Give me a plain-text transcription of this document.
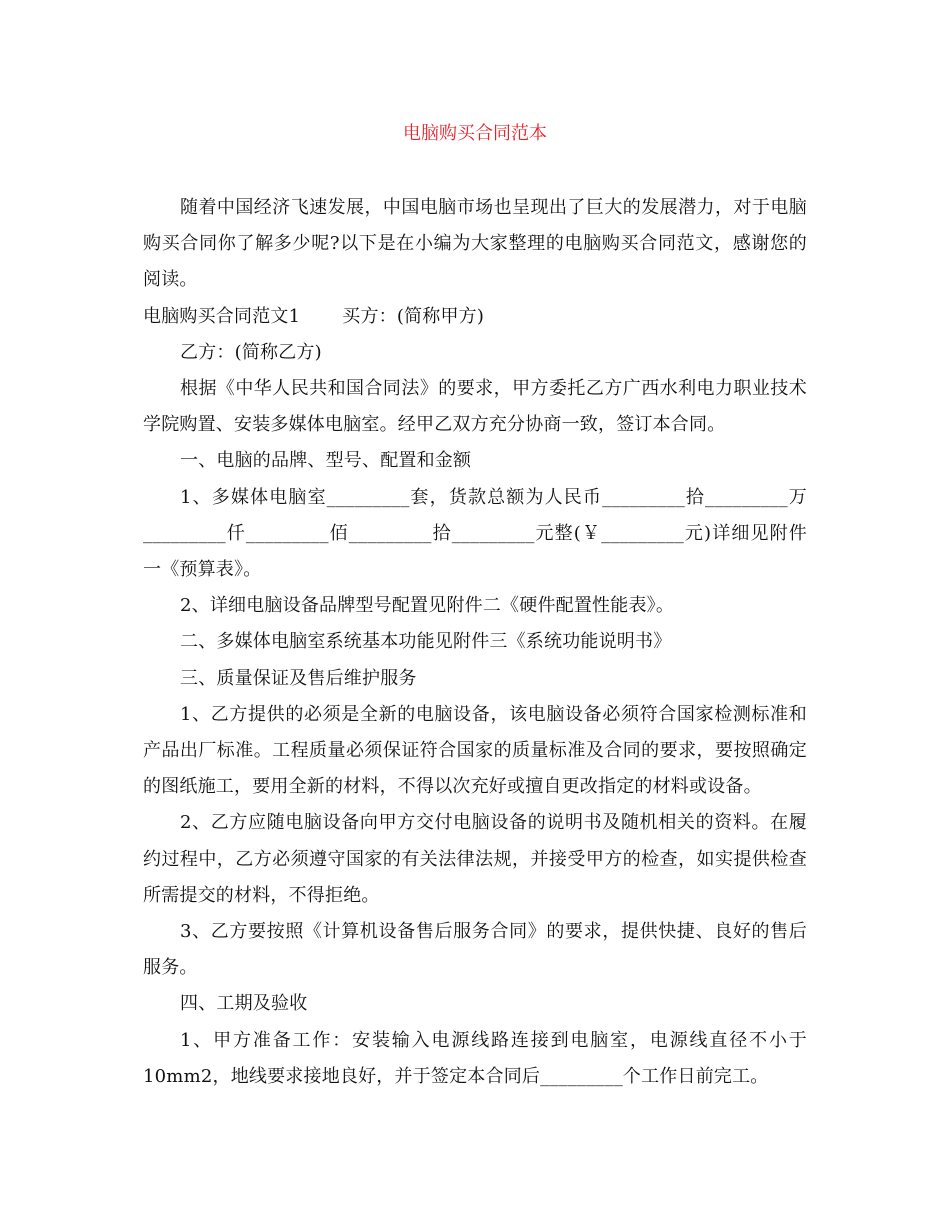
电脑购买合同范本

随着中国经济飞速发展，中国电脑市场也呈现出了巨大的发展潜力，对于电脑购买合同你了解多少呢?以下是在小编为大家整理的电脑购买合同范文，感谢您的阅读。

电脑购买合同范文1 买方：(简称甲方)

乙方：(简称乙方)

根据《中华人民共和国合同法》的要求，甲方委托乙方广西水利电力职业技术学院购置、安装多媒体电脑室。经甲乙双方充分协商一致，签订本合同。

一、电脑的品牌、型号、配置和金额

1、多媒体电脑室_________套，货款总额为人民币_________拾_________万_________仟_________佰_________拾_________元整(￥_________元)详细见附件一《预算表》。

2、详细电脑设备品牌型号配置见附件二《硬件配置性能表》。

二、多媒体电脑室系统基本功能见附件三《系统功能说明书》

三、质量保证及售后维护服务

1、乙方提供的必须是全新的电脑设备，该电脑设备必须符合国家检测标准和产品出厂标准。工程质量必须保证符合国家的质量标准及合同的要求，要按照确定的图纸施工，要用全新的材料，不得以次充好或擅自更改指定的材料或设备。

2、乙方应随电脑设备向甲方交付电脑设备的说明书及随机相关的资料。在履约过程中，乙方必须遵守国家的有关法律法规，并接受甲方的检查，如实提供检查所需提交的材料，不得拒绝。

3、乙方要按照《计算机设备售后服务合同》的要求，提供快捷、良好的售后服务。

四、工期及验收

1、甲方准备工作：安装输入电源线路连接到电脑室，电源线直径不小于10mm2，地线要求接地良好，并于签定本合同后_________个工作日前完工。
